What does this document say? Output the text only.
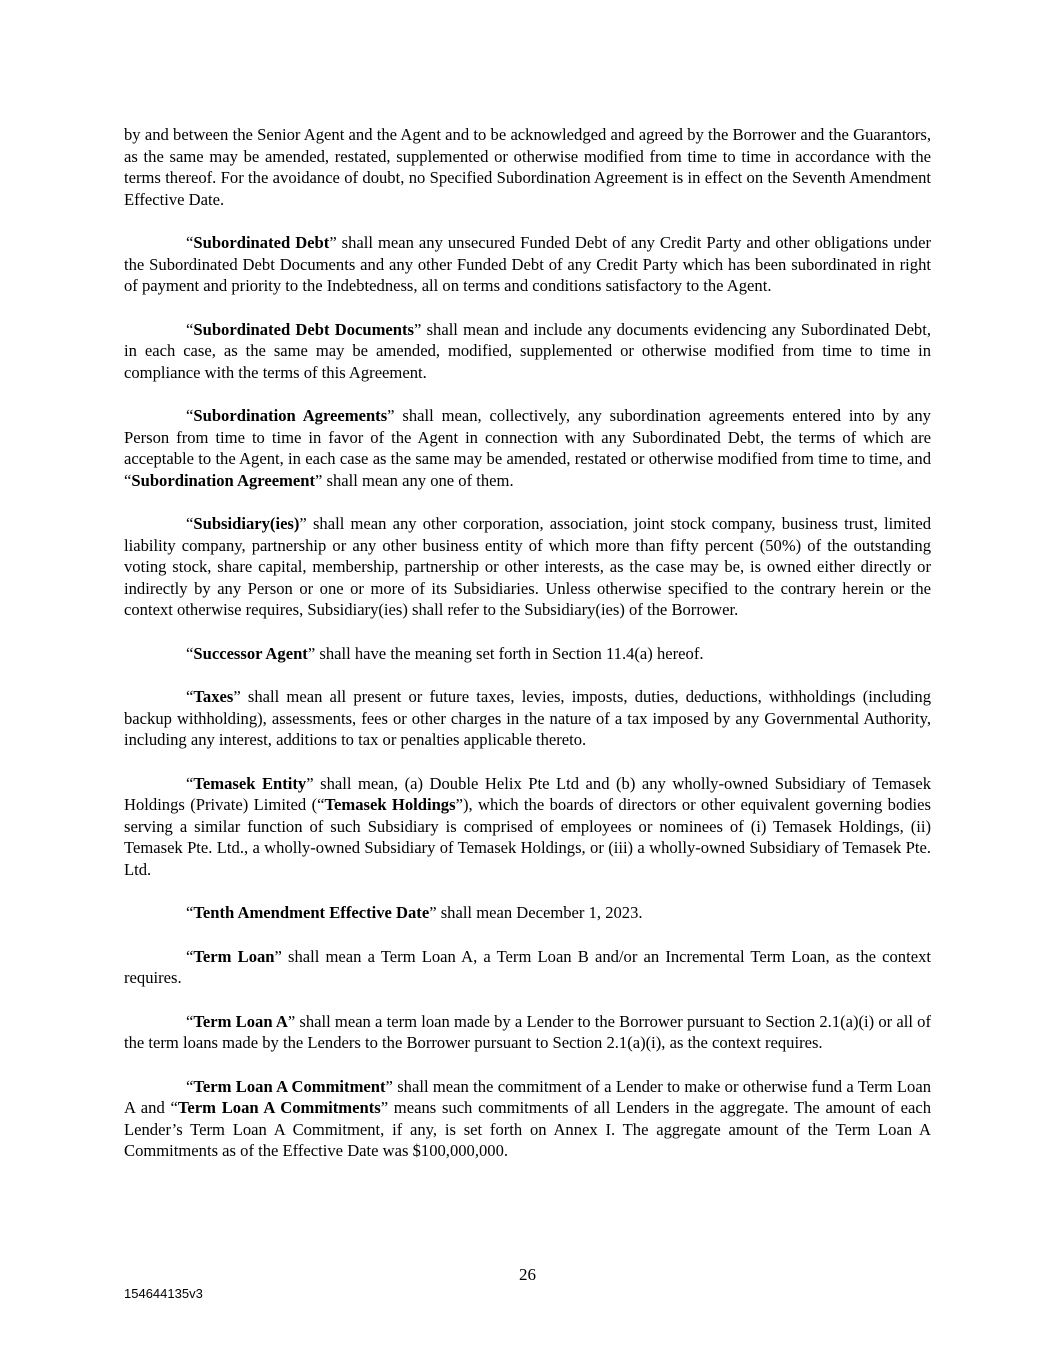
by and between the Senior Agent and the Agent and to be acknowledged and agreed by the Borrower and the Guarantors, as the same may be amended, restated, supplemented or otherwise modified from time to time in accordance with the terms thereof. For the avoidance of doubt, no Specified Subordination Agreement is in effect on the Seventh Amendment Effective Date.

“Subordinated Debt” shall mean any unsecured Funded Debt of any Credit Party and other obligations under the Subordinated Debt Documents and any other Funded Debt of any Credit Party which has been subordinated in right of payment and priority to the Indebtedness, all on terms and conditions satisfactory to the Agent.

“Subordinated Debt Documents” shall mean and include any documents evidencing any Subordinated Debt, in each case, as the same may be amended, modified, supplemented or otherwise modified from time to time in compliance with the terms of this Agreement.

“Subordination Agreements” shall mean, collectively, any subordination agreements entered into by any Person from time to time in favor of the Agent in connection with any Subordinated Debt, the terms of which are acceptable to the Agent, in each case as the same may be amended, restated or otherwise modified from time to time, and “Subordination Agreement” shall mean any one of them.

“Subsidiary(ies)” shall mean any other corporation, association, joint stock company, business trust, limited liability company, partnership or any other business entity of which more than fifty percent (50%) of the outstanding voting stock, share capital, membership, partnership or other interests, as the case may be, is owned either directly or indirectly by any Person or one or more of its Subsidiaries. Unless otherwise specified to the contrary herein or the context otherwise requires, Subsidiary(ies) shall refer to the Subsidiary(ies) of the Borrower.

“Successor Agent” shall have the meaning set forth in Section 11.4(a) hereof.

“Taxes” shall mean all present or future taxes, levies, imposts, duties, deductions, withholdings (including backup withholding), assessments, fees or other charges in the nature of a tax imposed by any Governmental Authority, including any interest, additions to tax or penalties applicable thereto.

“Temasek Entity” shall mean, (a) Double Helix Pte Ltd and (b) any wholly-owned Subsidiary of Temasek Holdings (Private) Limited (“Temasek Holdings”), which the boards of directors or other equivalent governing bodies serving a similar function of such Subsidiary is comprised of employees or nominees of (i) Temasek Holdings, (ii) Temasek Pte. Ltd., a wholly-owned Subsidiary of Temasek Holdings, or (iii) a wholly-owned Subsidiary of Temasek Pte. Ltd.

“Tenth Amendment Effective Date” shall mean December 1, 2023.

“Term Loan” shall mean a Term Loan A, a Term Loan B and/or an Incremental Term Loan, as the context requires.

“Term Loan A” shall mean a term loan made by a Lender to the Borrower pursuant to Section 2.1(a)(i) or all of the term loans made by the Lenders to the Borrower pursuant to Section 2.1(a)(i), as the context requires.

“Term Loan A Commitment” shall mean the commitment of a Lender to make or otherwise fund a Term Loan A and “Term Loan A Commitments” means such commitments of all Lenders in the aggregate. The amount of each Lender’s Term Loan A Commitment, if any, is set forth on Annex I. The aggregate amount of the Term Loan A Commitments as of the Effective Date was $100,000,000.

26
154644135v3
